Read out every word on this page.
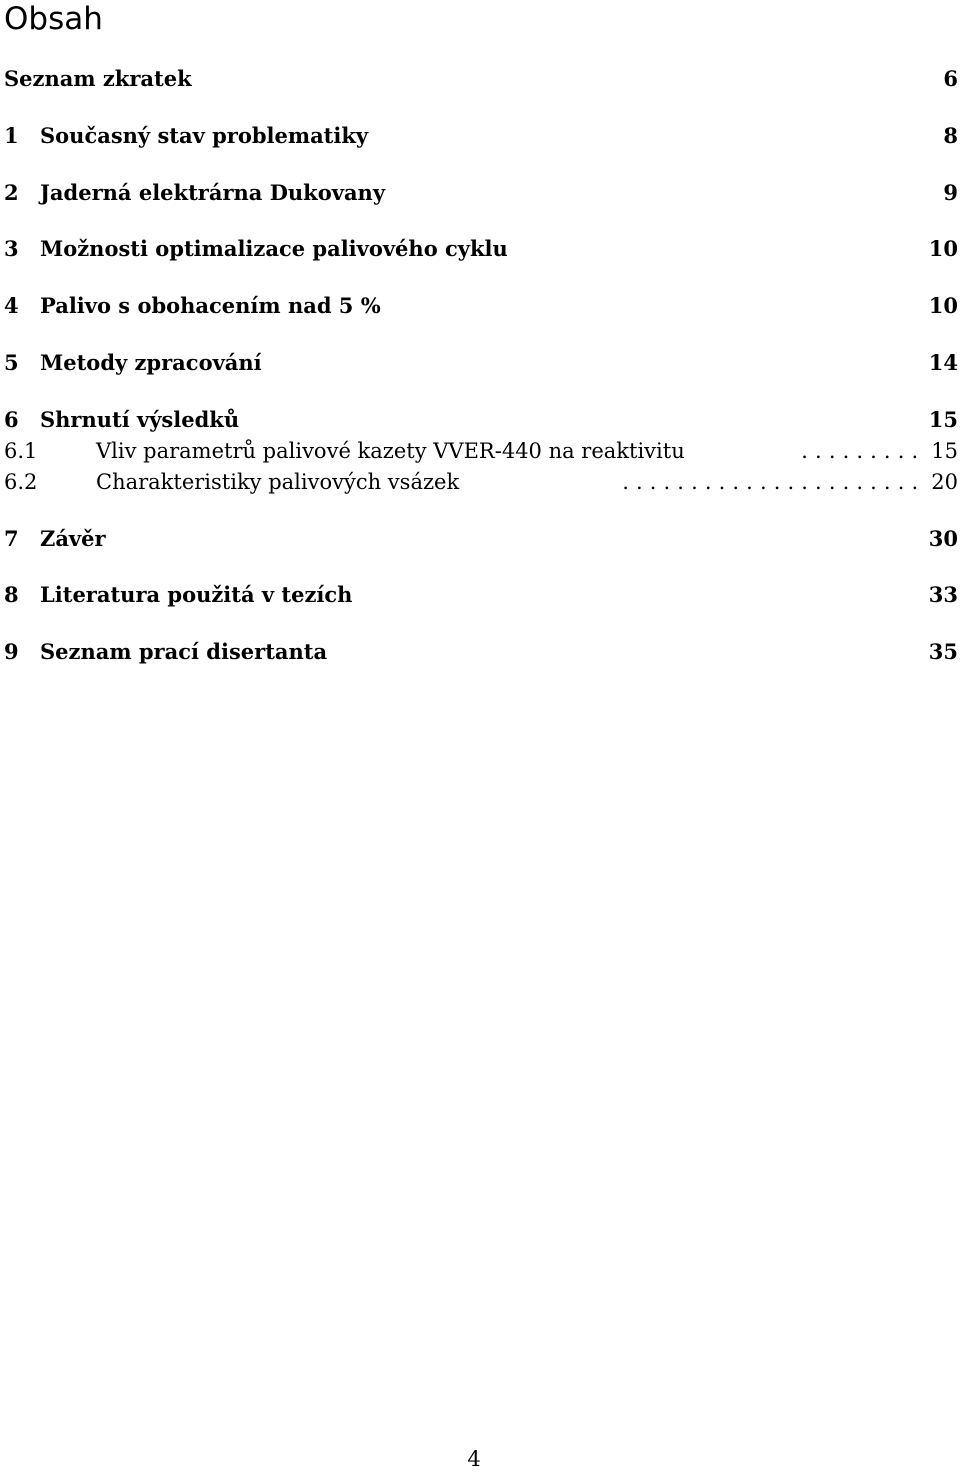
Obsah
Seznam zkratek	6
1	Současný stav problematiky	8
2	Jaderná elektrárna Dukovany	9
3	Možnosti optimalizace palivového cyklu	10
4	Palivo s obohacením nad 5 %	10
5	Metody zpracování	14
6	Shrnutí výsledků	15
6.1	Vliv parametrů palivové kazety VVER-440 na reaktivitu	......... 15
6.2	Charakteristiky palivových vsázek	...................... 20
7	Závěr	30
8	Literatura použitá v tezích	33
9	Seznam prací disertanta	35
4
